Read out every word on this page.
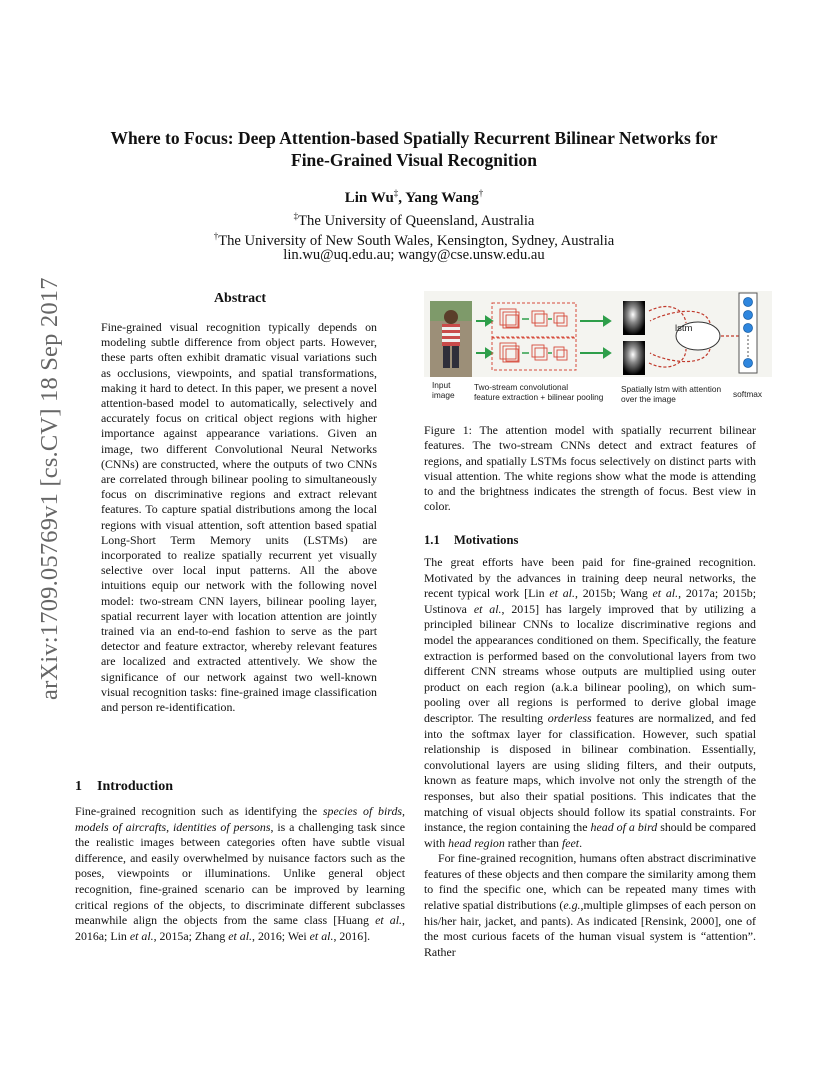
Where to Focus: Deep Attention-based Spatially Recurrent Bilinear Networks for
Fine-Grained Visual Recognition
Lin Wu‡, Yang Wang†
‡The University of Queensland, Australia
†The University of New South Wales, Kensington, Sydney, Australia
lin.wu@uq.edu.au; wangy@cse.unsw.edu.au
arXiv:1709.05769v1 [cs.CV] 18 Sep 2017	Abstract
Fine-grained visual recognition typically depends on modeling subtle difference from object parts. However, these parts often exhibit dramatic visual variations such as occlusions, viewpoints, and spatial transformations, making it hard to detect. In this paper, we present a novel attention-based model to automatically, selectively and accurately focus on critical object regions with higher importance against appearance variations. Given an image, two different Convolutional Neural Networks (CNNs) are constructed, where the outputs of two CNNs are correlated through bilinear pooling to simultaneously focus on discriminative regions and extract relevant features. To capture spatial distributions among the local regions with visual attention, soft attention based spatial Long-Short Term Memory units (LSTMs) are incorporated to realize spatially recurrent yet visually selective over local input patterns. All the above intuitions equip our network with the following novel model: two-stream CNN layers, bilinear pooling layer, spatial recurrent layer with location attention are jointly trained via an end-to-end fashion to serve as the part detector and feature extractor, whereby relevant features are localized and extracted attentively. We show the significance of our network against two well-known visual recognition tasks: fine-grained image classification and person re-identification.
1 Introduction

Fine-grained recognition such as identifying the species of birds, models of aircrafts, identities of persons, is a challenging task since the realistic images between categories often have subtle visual difference, and easily overwhelmed by nuisance factors such as the poses, viewpoints or illuminations. Unlike general object recognition, fine-grained scenario can be improved by learning critical regions of the objects, to discriminate different subclasses meanwhile align the objects from the same class [Huang et al., 2016a; Lin et al., 2015a; Zhang et al., 2016; Wei et al., 2016].

lstm
Input
image
Two-stream convolutional
feature extraction + bilinear pooling
Spatially lstm with attention
over the image	softmax
Figure 1: The attention model with spatially recurrent bilinear features. The two-stream CNNs detect and extract features of regions, and spatially LSTMs focus selectively on distinct parts with visual attention. The white regions show what the mode is attending to and the brightness indicates the strength of focus. Best view in color.
1.1 Motivations

The great efforts have been paid for fine-grained recognition. Motivated by the advances in training deep neural networks, the recent typical work [Lin et al., 2015b; Wang et al., 2017a; 2015b; Ustinova et al., 2015] has largely improved that by utilizing a principled bilinear CNNs to localize discriminative regions and model the appearances conditioned on them. Specifically, the feature extraction is performed based on the convolutional layers from two different CNN streams whose outputs are multiplied using outer product on each region (a.k.a bilinear pooling), on which sum-pooling over all regions is performed to derive global image descriptor. The resulting orderless features are normalized, and fed into the softmax layer for classification. However, such spatial relationship is disposed in bilinear combination. Essentially, convolutional layers are using sliding filters, and their outputs, known as feature maps, which involve not only the strength of the responses, but also their spatial positions. This indicates that the matching of visual objects should follow its spatial constraints. For instance, the region containing the head of a bird should be compared with head region rather than feet.

For fine-grained recognition, humans often abstract discriminative features of these objects and then compare the similarity among them to find the specific one, which can be repeated many times with relative spatial distributions (e.g.,multiple glimpses of each person on his/her hair, jacket, and pants). As indicated [Rensink, 2000], one of the most curious facets of the human visual system is “attention”. Rather
